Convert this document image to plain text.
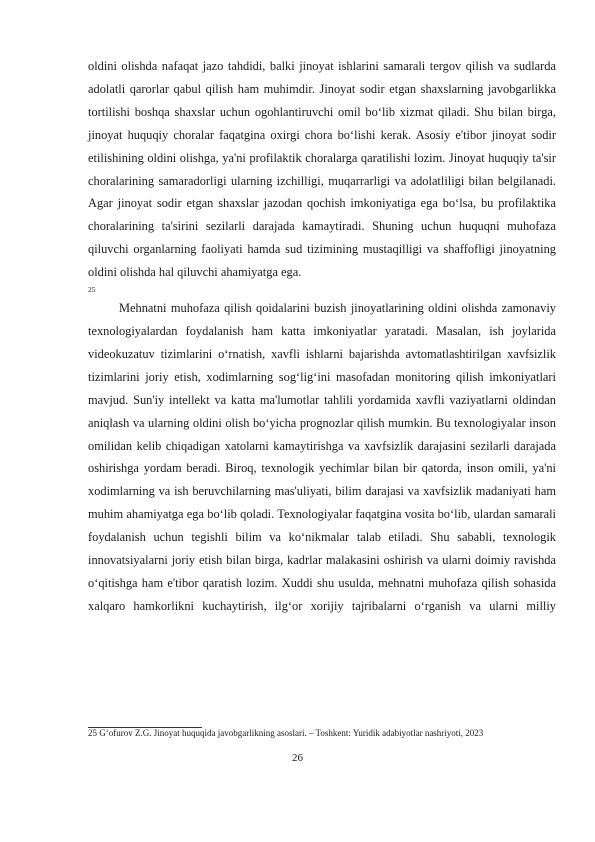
oldini olishda nafaqat jazo tahdidi, balki jinoyat ishlarini samarali tergov qilish va sudlarda adolatli qarorlar qabul qilish ham muhimdir. Jinoyat sodir etgan shaxslarning javobgarlikka tortilishi boshqa shaxslar uchun ogohlantiruvchi omil boʻlib xizmat qiladi. Shu bilan birga, jinoyat huquqiy choralar faqatgina oxirgi chora boʻlishi kerak. Asosiy e'tibor jinoyat sodir etilishining oldini olishga, ya'ni profilaktik choralarga qaratilishi lozim. Jinoyat huquqiy ta'sir choralarining samaradorligi ularning izchilligi, muqarrarligi va adolatliligi bilan belgilanadi. Agar jinoyat sodir etgan shaxslar jazodan qochish imkoniyatiga ega boʻlsa, bu profilaktika choralarining ta'sirini sezilarli darajada kamaytiradi. Shuning uchun huquqni muhofaza qiluvchi organlarning faoliyati hamda sud tizimining mustaqilligi va shaffofligi jinoyatning oldini olishda hal qiluvchi ahamiyatga ega.

25

Mehnatni muhofaza qilish qoidalarini buzish jinoyatlarining oldini olishda zamonaviy texnologiyalardan foydalanish ham katta imkoniyatlar yaratadi. Masalan, ish joylarida videokuzatuv tizimlarini oʻrnatish, xavfli ishlarni bajarishda avtomatlashtirilgan xavfsizlik tizimlarini joriy etish, xodimlarning sogʻligʻini masofadan monitoring qilish imkoniyatlari mavjud. Sun'iy intellekt va katta ma'lumotlar tahlili yordamida xavfli vaziyatlarni oldindan aniqlash va ularning oldini olish boʻyicha prognozlar qilish mumkin. Bu texnologiyalar inson omilidan kelib chiqadigan xatolarni kamaytirishga va xavfsizlik darajasini sezilarli darajada oshirishga yordam beradi. Biroq, texnologik yechimlar bilan bir qatorda, inson omili, ya'ni xodimlarning va ish beruvchilarning mas'uliyati, bilim darajasi va xavfsizlik madaniyati ham muhim ahamiyatga ega boʻlib qoladi. Texnologiyalar faqatgina vosita boʻlib, ulardan samarali foydalanish uchun tegishli bilim va koʻnikmalar talab etiladi. Shu sababli, texnologik innovatsiyalarni joriy etish bilan birga, kadrlar malakasini oshirish va ularni doimiy ravishda oʻqitishga ham e'tibor qaratish lozim. Xuddi shu usulda, mehnatni muhofaza qilish sohasida xalqaro hamkorlikni kuchaytirish, ilgʻor xorijiy tajribalarni oʻrganish va ularni milliy

25 Gʻofurov Z.G. Jinoyat huquqida javobgarlikning asoslari. – Toshkent: Yuridik adabiyotlar nashriyoti, 2023

26
